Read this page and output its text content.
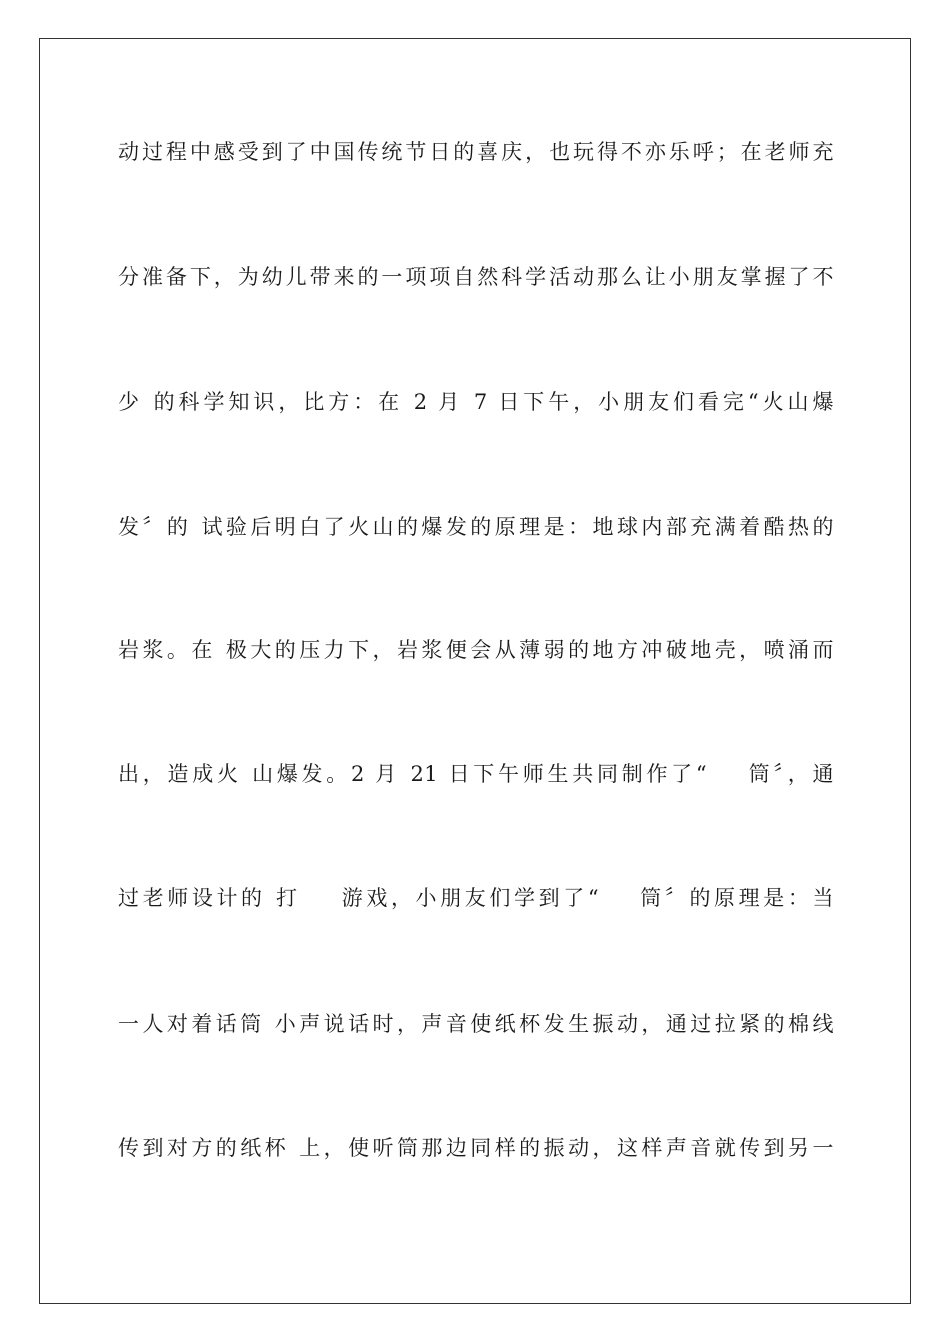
动过程中感受到了中国传统节日的喜庆，也玩得不亦乐呼；在老师充
分准备下，为幼儿带来的一项项自然科学活动那么让小朋友掌握了不
少 的科学知识，比方：在 2 月 7 日下午，小朋友们看完“火山爆
发〞的 试验后明白了火山的爆发的原理是：地球内部充满着酷热的
岩浆。在 极大的压力下，岩浆便会从薄弱的地方冲破地壳，喷涌而
出，造成火 山爆发。2 月 21 日下午师生共同制作了“    筒〞，通
过老师设计的 打    游戏，小朋友们学到了“    筒〞的原理是：当
一人对着话筒 小声说话时，声音使纸杯发生振动，通过拉紧的棉线
传到对方的纸杯 上，使听筒那边同样的振动，这样声音就传到另一
